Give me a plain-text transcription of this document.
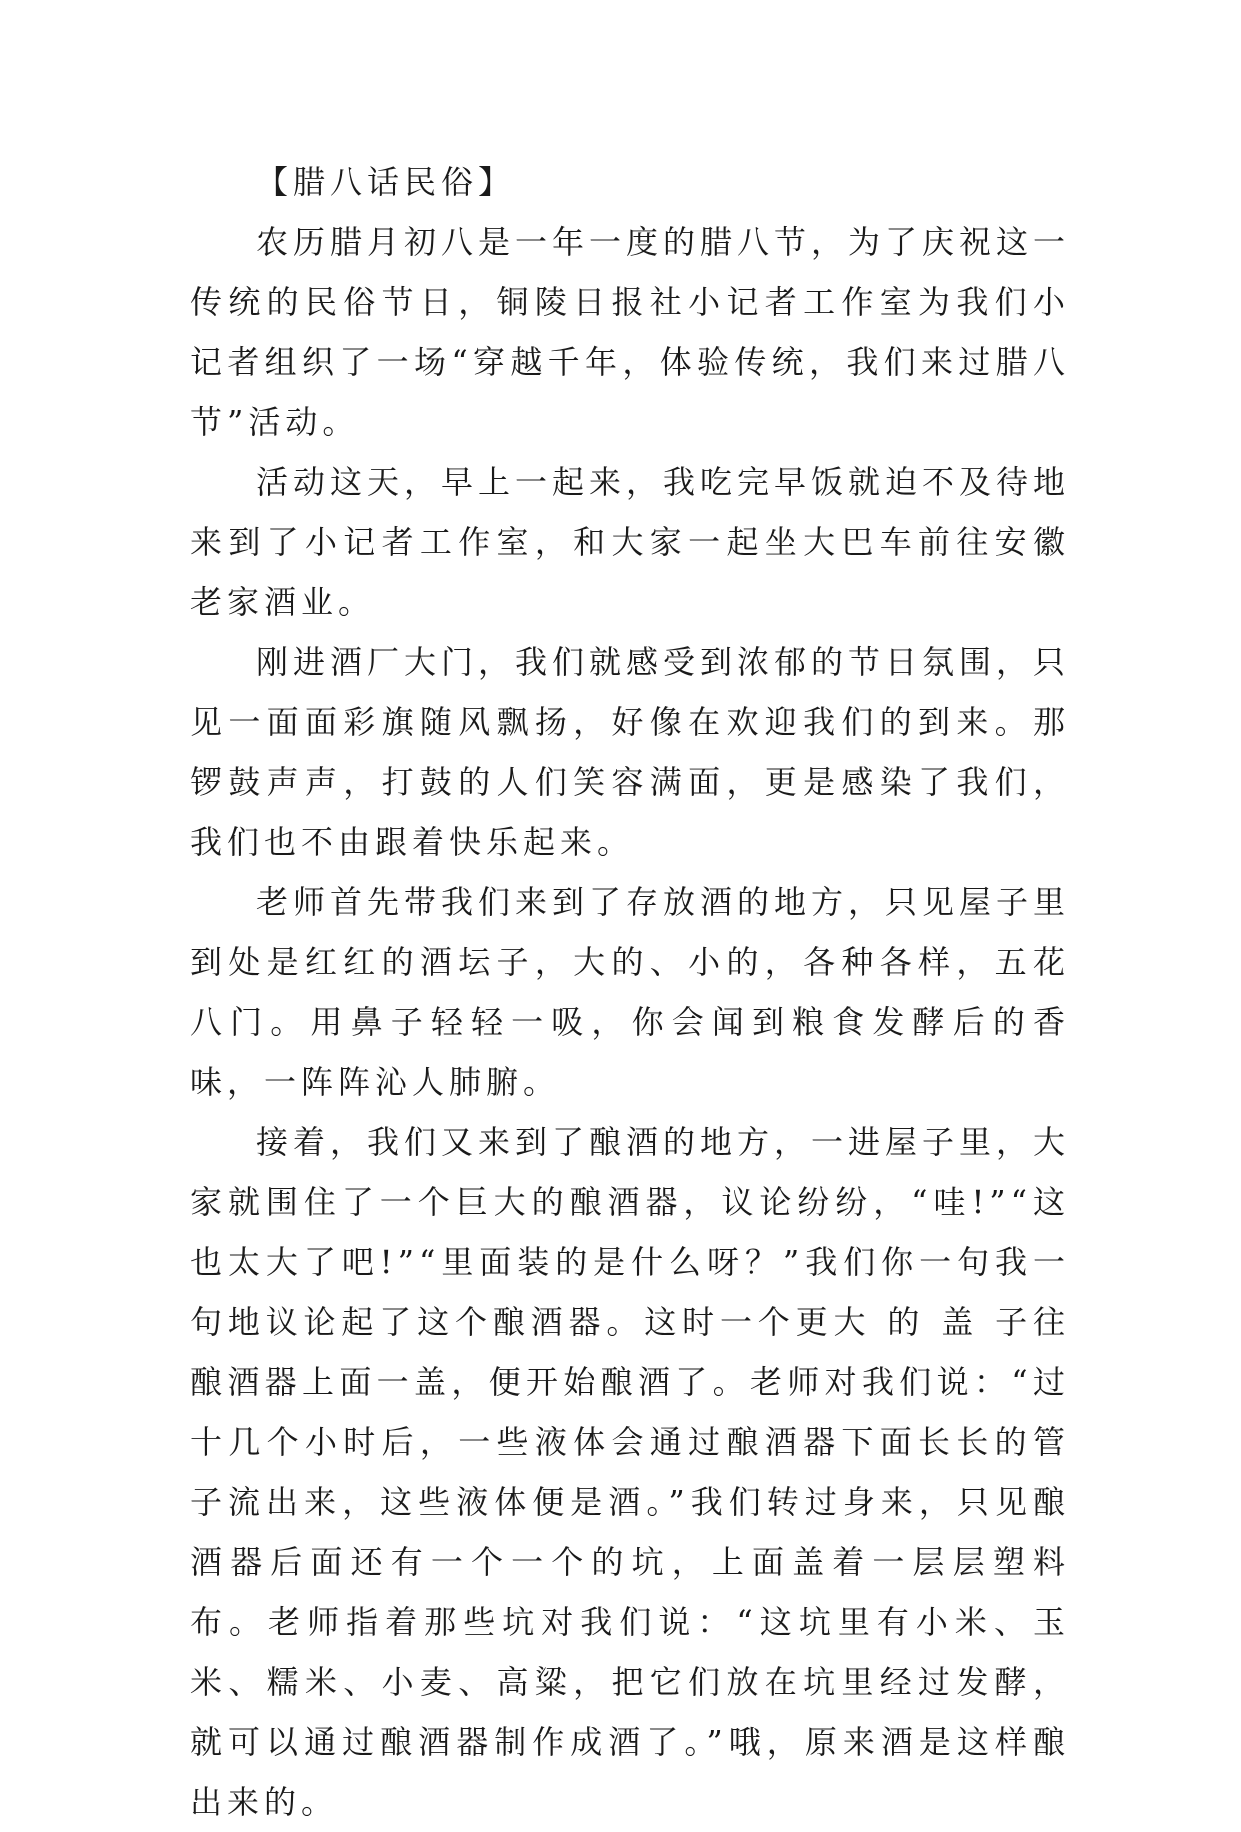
【腊八话民俗】

农历腊月初八是一年一度的腊八节，为了庆祝这一传统的民俗节日，铜陵日报社小记者工作室为我们小记者组织了一场“穿越千年，体验传统，我们来过腊八节”活动。

活动这天，早上一起来，我吃完早饭就迫不及待地来到了小记者工作室，和大家一起坐大巴车前往安徽老家酒业。

刚进酒厂大门，我们就感受到浓郁的节日氛围，只见一面面彩旗随风飘扬，好像在欢迎我们的到来。那锣鼓声声，打鼓的人们笑容满面，更是感染了我们，我们也不由跟着快乐起来。

老师首先带我们来到了存放酒的地方，只见屋子里到处是红红的酒坛子，大的、小的，各种各样，五花八门。用鼻子轻轻一吸，你会闻到粮食发酵后的香味，一阵阵沁人肺腑。

接着，我们又来到了酿酒的地方，一进屋子里，大家就围住了一个巨大的酿酒器，议论纷纷，“哇!”“这也太大了吧!”“里面装的是什么呀？”我们你一句我一句地议论起了这个酿酒器。这时一个更大 的 盖 子往酿酒器上面一盖，便开始酿酒了。老师对我们说：“过十几个小时后，一些液体会通过酿酒器下面长长的管子流出来，这些液体便是酒。”我们转过身来，只见酿酒器后面还有一个一个的坑，上面盖着一层层塑料布。老师指着那些坑对我们说：“这坑里有小米、玉米、糯米、小麦、高粱，把它们放在坑里经过发酵，就可以通过酿酒器制作成酒了。”哦，原来酒是这样酿出来的。
